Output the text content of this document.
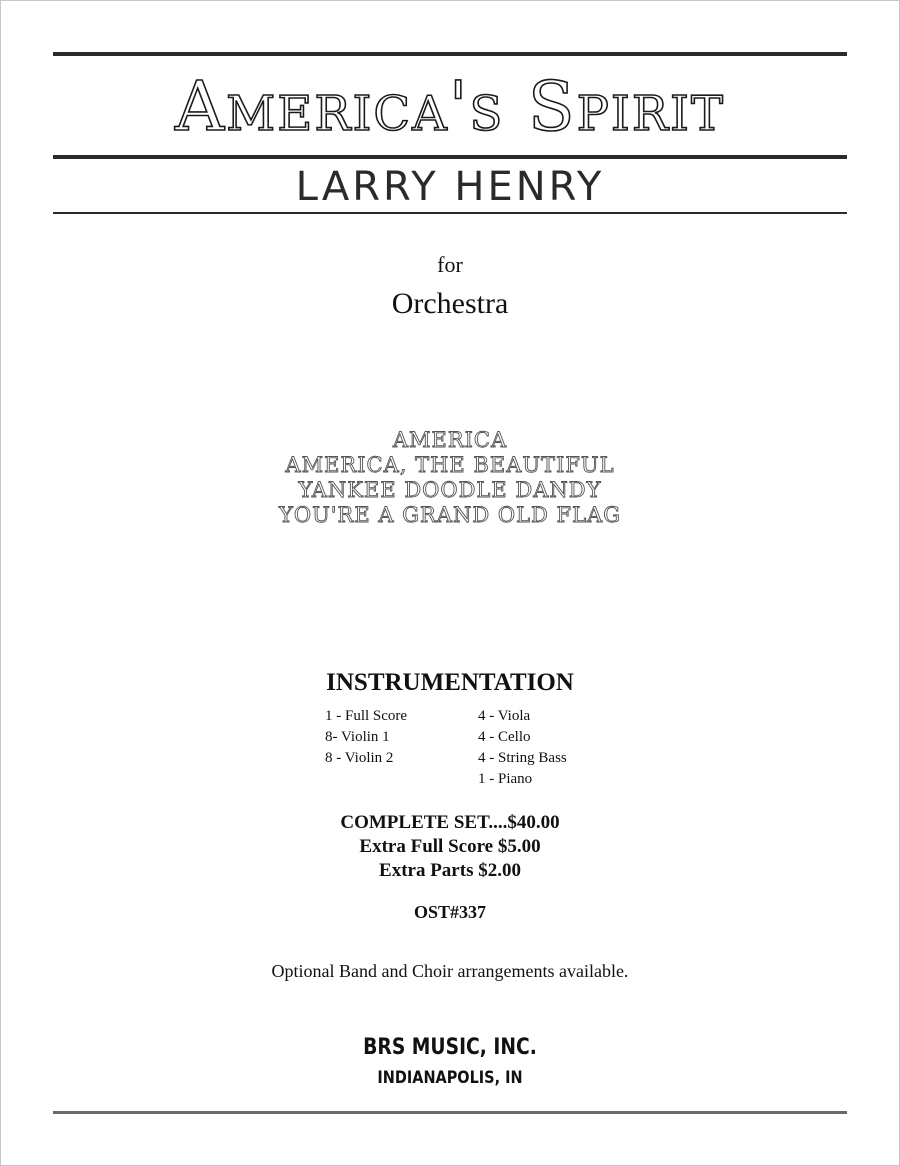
America's Spirit
LARRY HENRY
for
Orchestra
AMERICA
AMERICA, THE BEAUTIFUL
YANKEE DOODLE DANDY
YOU'RE A GRAND OLD FLAG
INSTRUMENTATION
1 - Full Score
8- Violin 1
8 - Violin 2
4 - Viola
4 - Cello
4 - String Bass
1 - Piano
COMPLETE SET....$40.00
Extra Full Score $5.00
Extra Parts $2.00
OST#337
Optional Band and Choir arrangements available.
BRS MUSIC, INC.
INDIANAPOLIS, IN
